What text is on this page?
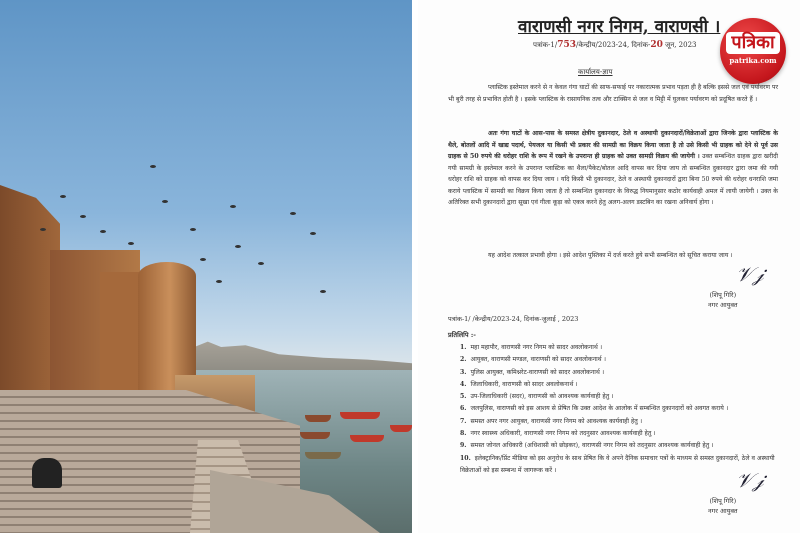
वाराणसी नगर निगम, वाराणसी ।
पत्रांक-1/753/केन्द्रीय/2023-24, दिनांक-20 जून, 2023 पत्रिका
patrika.com
कार्यालय-ज्ञाप

प्लास्टिक इस्तेमाल करने से न केवल गंगा घाटों की साफ-सफाई पर नकारात्मक प्रभाव पड़ता ही है बल्कि इससे जल एवं पर्यावरण पर भी बुरी तरह से प्रभावित होती है । इसके प्लास्टिक के रासायनिक तत्व और टाक्सिन से जल व मिट्टी में घुलकर पर्यावरण को प्रदूषित करते हैं ।

अतः गंगा घाटों के आस-पास के समस्त क्षेत्रीय दुकानदार, ठेले व अस्थायी दुकानदारों/विक्रेताओं द्वारा जिनके द्वारा प्लास्टिक के थैले, बोतलों आदि में खाद्य पदार्थ, पेयजल या किसी भी प्रकार की सामग्री का विक्रय किया जाता है तो उसे किसी भी ग्राहक को देने से पूर्व उस ग्राहक से 50 रुपये की धरोहर राशि के रूप में रखने के उपरान्त ही ग्राहक को उक्त सामग्री विक्रय की जायेगी । उक्त सम्बन्धित ग्राहक द्वारा खरीदी गयी सामग्री के इस्तेमाल करने के उपरान्त प्लास्टिक का थैला/पैकेट/बोतल आदि वापस कर दिया जाय तो सम्बन्धित दुकानदार द्वारा जमा की गयी धरोहर राशि को ग्राहक को वापस कर दिया जाय । यदि किसी भी दुकानदार, ठेले व अस्थायी दुकानदारों द्वारा बिना 50 रुपये की धरोहर धनराशि जमा कराये प्लास्टिक में सामग्री का विक्रय किया जाता है तो सम्बन्धित दुकानदार के विरुद्ध नियमानुसार कठोर कार्यवाही अमल में लायी जायेगी । उक्त के अतिरिक्त सभी दुकानदारों द्वारा सूखा एवं गीला कूड़ा को एकत्र करने हेतु अलग-अलग डस्टबिन का रखना अनिवार्य होगा ।

यह आदेश तत्काल प्रभावी होगा । इसे आदेश पुस्तिका में दर्ज करते हुये सभी सम्बन्धित को सूचित कराया जाय ।

𝒱𝒿
(शिपू गिरि)
नगर आयुक्त
पत्रांक-1/ /केन्द्रीय/2023-24, दिनांक-जुलाई , 2023
प्रतिलिपि :-
1. महा महापौर, वाराणसी नगर निगम को सादर अवलोकनार्थ ।
2. आयुक्त, वाराणसी मण्डल, वाराणसी को सादर अवलोकनार्थ ।
3. पुलिस आयुक्त, कमिश्नरेट-वाराणसी को सादर अवलोकनार्थ ।
4. जिलाधिकारी, वाराणसी को सादर अवलोकनार्थ ।
5. उप-जिलाधिकारी (सदर), वाराणसी को आवश्यक कार्यवाही हेतु ।
6. जलपुलिस, वाराणसी को इस आशय से प्रेषित कि उक्त आदेश के आलोक में सम्बन्धित दुकानदारों को अवगत कराये ।
7. समस्त अपर नगर आयुक्त, वाराणसी नगर निगम को आवश्यक कार्यवाही हेतु ।
8. नगर स्वास्थ्य अधिकारी, वाराणसी नगर निगम को तदनुसार आवश्यक कार्यवाही हेतु ।
9. समस्त जोनल अधिकारी (अधिशासी को छोड़कर), वाराणसी नगर निगम को तदनुसार आवश्यक कार्यवाही हेतु ।
10. इलेक्ट्रानिक/प्रिंट मीडिया को इस अनुरोध के साथ प्रेषित कि वे अपने दैनिक समाचार पत्रों के माध्यम से समस्त दुकानदारों, ठेले व अस्थायी विक्रेताओं को इस सम्बन्ध में जागरूक करें ।	𝒱𝒿
(शिपू गिरि)
नगर आयुक्त
